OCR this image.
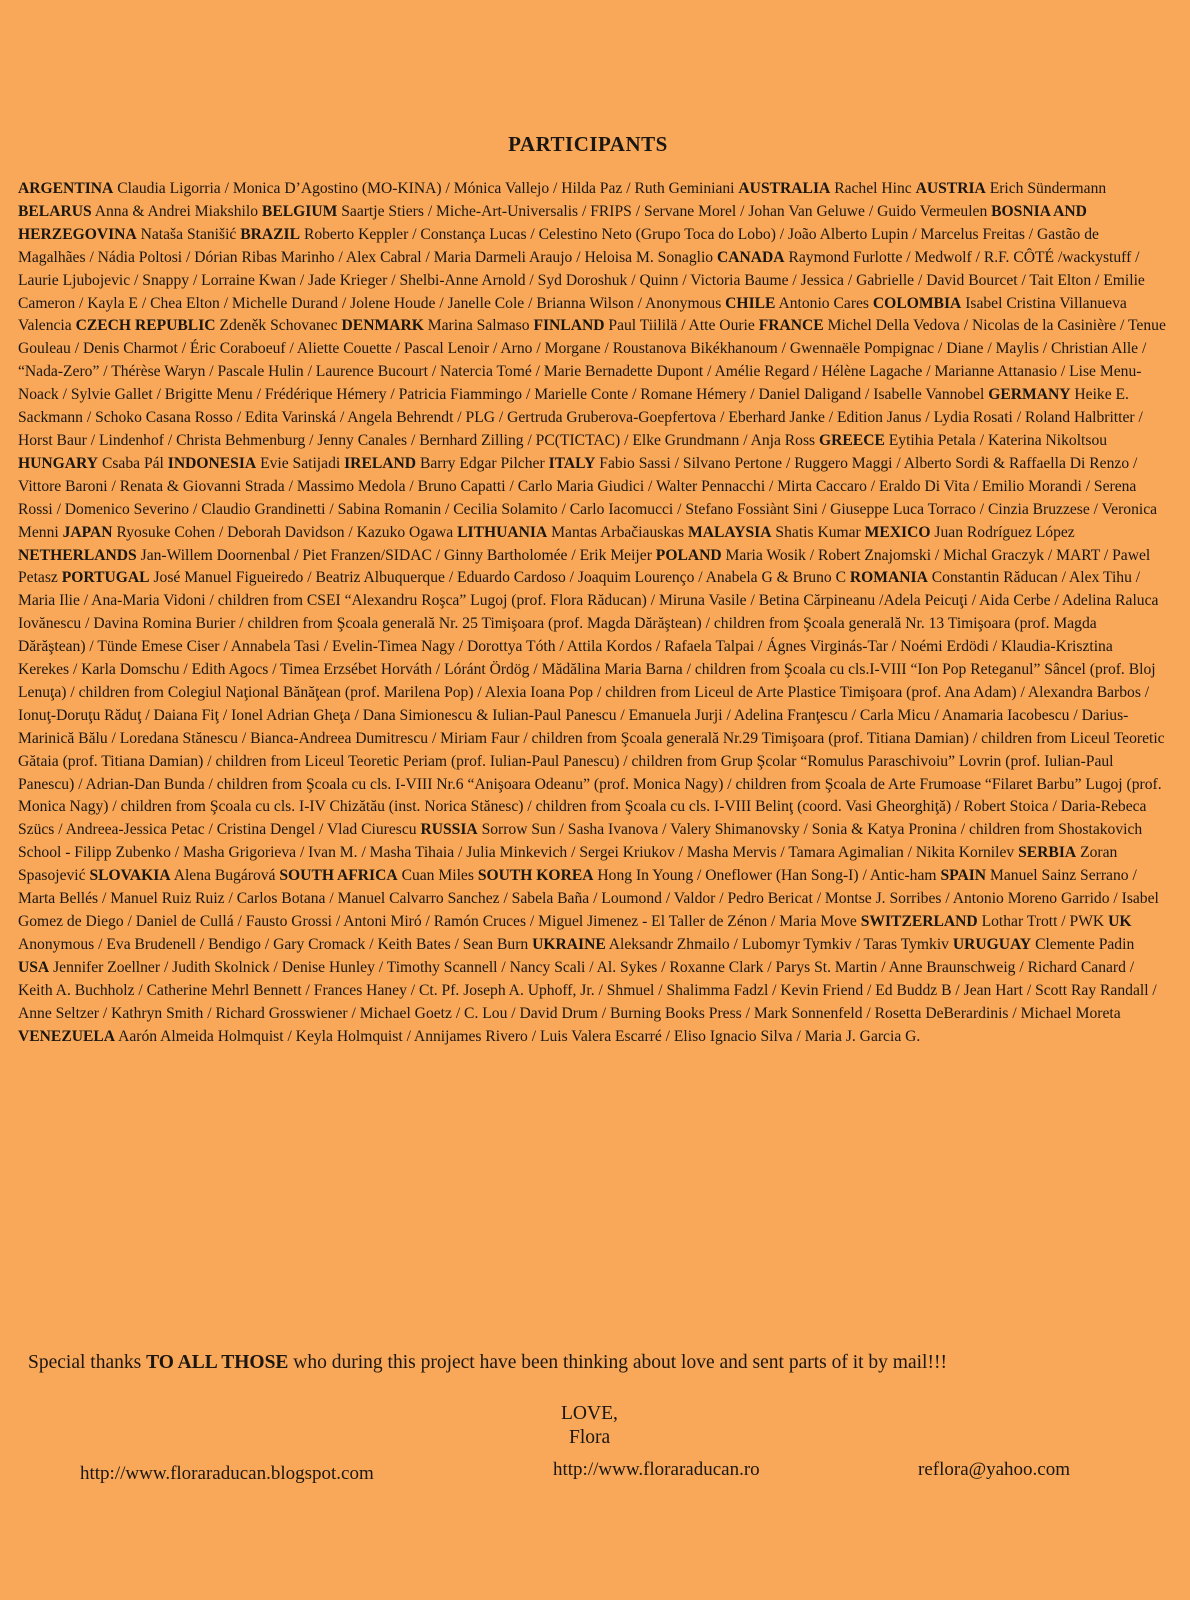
PARTICIPANTS
ARGENTINA Claudia Ligorria / Monica D’Agostino (MO-KINA) / Mónica Vallejo / Hilda Paz / Ruth Geminiani AUSTRALIA Rachel Hinc AUSTRIA Erich Sündermann BELARUS Anna & Andrei Miakshilo BELGIUM Saartje Stiers / Miche-Art-Universalis / FRIPS / Servane Morel / Johan Van Geluwe / Guido Vermeulen BOSNIA AND HERZEGOVINA Nataša Stanišić BRAZIL Roberto Keppler / Constança Lucas / Celestino Neto (Grupo Toca do Lobo) / João Alberto Lupin / Marcelus Freitas / Gastão de Magalhães / Nádia Poltosi / Dórian Ribas Marinho / Alex Cabral / Maria Darmeli Araujo / Heloisa M. Sonaglio CANADA Raymond Furlotte / Medwolf / R.F. CÔTÉ /wackystuff / Laurie Ljubojevic / Snappy / Lorraine Kwan / Jade Krieger / Shelbi-Anne Arnold / Syd Doroshuk / Quinn / Victoria Baume / Jessica / Gabrielle / David Bourcet / Tait Elton / Emilie Cameron / Kayla E / Chea Elton / Michelle Durand / Jolene Houde / Janelle Cole / Brianna Wilson / Anonymous CHILE Antonio Cares COLOMBIA Isabel Cristina Villanueva Valencia CZECH REPUBLIC Zdeněk Schovanec DENMARK Marina Salmaso FINLAND Paul Tiililä / Atte Ourie FRANCE Michel Della Vedova / Nicolas de la Casinière / Tenue Gouleau / Denis Charmot / Éric Coraboeuf / Aliette Couette / Pascal Lenoir / Arno / Morgane / Roustanova Bikékhanoum / Gwennaële Pompignac / Diane / Maylis / Christian Alle / “Nada-Zero” / Thérèse Waryn / Pascale Hulin / Laurence Bucourt / Natercia Tomé / Marie Bernadette Dupont / Amélie Regard / Hélène Lagache / Marianne Attanasio / Lise Menu-Noack / Sylvie Gallet / Brigitte Menu / Frédérique Hémery / Patricia Fiammingo / Marielle Conte / Romane Hémery / Daniel Daligand / Isabelle Vannobel GERMANY Heike E. Sackmann / Schoko Casana Rosso / Edita Varinská / Angela Behrendt / PLG / Gertruda Gruberova-Goepfertova / Eberhard Janke / Edition Janus / Lydia Rosati / Roland Halbritter / Horst Baur / Lindenhof / Christa Behmenburg / Jenny Canales / Bernhard Zilling / PC(TICTAC) / Elke Grundmann / Anja Ross GREECE Eytihia Petala / Katerina Nikoltsou HUNGARY Csaba Pál INDONESIA Evie Satijadi IRELAND Barry Edgar Pilcher ITALY Fabio Sassi / Silvano Pertone / Ruggero Maggi / Alberto Sordi & Raffaella Di Renzo / Vittore Baroni / Renata & Giovanni Strada / Massimo Medola / Bruno Capatti / Carlo Maria Giudici / Walter Pennacchi / Mirta Caccaro / Eraldo Di Vita / Emilio Morandi / Serena Rossi / Domenico Severino / Claudio Grandinetti / Sabina Romanin / Cecilia Solamito / Carlo Iacomucci / Stefano Fossiànt Sini / Giuseppe Luca Torraco / Cinzia Bruzzese / Veronica Menni JAPAN Ryosuke Cohen / Deborah Davidson / Kazuko Ogawa LITHUANIA Mantas Arbačiauskas MALAYSIA Shatis Kumar MEXICO Juan Rodríguez López NETHERLANDS Jan-Willem Doornenbal / Piet Franzen/SIDAC / Ginny Bartholomée / Erik Meijer POLAND Maria Wosik / Robert Znajomski / Michal Graczyk / MART / Pawel Petasz PORTUGAL José Manuel Figueiredo / Beatriz Albuquerque / Eduardo Cardoso / Joaquim Lourenço / Anabela G & Bruno C ROMANIA Constantin Răducan / Alex Tihu / Maria Ilie / Ana-Maria Vidoni / children from CSEI “Alexandru Roşca” Lugoj (prof. Flora Răducan) / Miruna Vasile / Betina Cărpineanu /Adela Peicuţi / Aida Cerbe / Adelina Raluca Iovănescu / Davina Romina Burier / children from Şcoala generală Nr. 25 Timişoara (prof. Magda Dărăştean) / children from Şcoala generală Nr. 13 Timişoara (prof. Magda Dărăştean) / Tünde Emese Ciser / Annabela Tasi / Evelin-Timea Nagy / Dorottya Tóth / Attila Kordos / Rafaela Talpai / Ágnes Virginás-Tar / Noémi Erdödi / Klaudia-Krisztina Kerekes / Karla Domschu / Edith Agocs / Timea Erzsébet Horváth / Lóránt Ördög / Mădălina Maria Barna / children from Şcoala cu cls.I-VIII “Ion Pop Reteganul” Sâncel (prof. Bloj Lenuţa) / children from Colegiul Naţional Bănăţean (prof. Marilena Pop) / Alexia Ioana Pop / children from Liceul de Arte Plastice Timişoara (prof. Ana Adam) / Alexandra Barbos / Ionuţ-Doruţu Răduţ / Daiana Fiţ / Ionel Adrian Gheţa / Dana Simionescu & Iulian-Paul Panescu / Emanuela Jurji / Adelina Franţescu / Carla Micu / Anamaria Iacobescu / Darius-Marinică Bălu / Loredana Stănescu / Bianca-Andreea Dumitrescu / Miriam Faur / children from Şcoala generală Nr.29 Timişoara (prof. Titiana Damian) / children from Liceul Teoretic Gătaia (prof. Titiana Damian) / children from Liceul Teoretic Periam (prof. Iulian-Paul Panescu) / children from Grup Şcolar “Romulus Paraschivoiu” Lovrin (prof. Iulian-Paul Panescu) / Adrian-Dan Bunda / children from Şcoala cu cls. I-VIII Nr.6 “Anişoara Odeanu” (prof. Monica Nagy) / children from Şcoala de Arte Frumoase “Filaret Barbu” Lugoj (prof. Monica Nagy) / children from Şcoala cu cls. I-IV Chizătău (inst. Norica Stănesc) / children from Şcoala cu cls. I-VIII Belinţ (coord. Vasi Gheorghiţă) / Robert Stoica / Daria-Rebeca Szücs / Andreea-Jessica Petac / Cristina Dengel / Vlad Ciurescu RUSSIA Sorrow Sun / Sasha Ivanova / Valery Shimanovsky / Sonia & Katya Pronina / children from Shostakovich School - Filipp Zubenko / Masha Grigorieva / Ivan M. / Masha Tihaia / Julia Minkevich / Sergei Kriukov / Masha Mervis / Tamara Agimalian / Nikita Kornilev SERBIA Zoran Spasojević SLOVAKIA Alena Bugárová SOUTH AFRICA Cuan Miles SOUTH KOREA Hong In Young / Oneflower (Han Song-I) / Antic-ham SPAIN Manuel Sainz Serrano / Marta Bellés / Manuel Ruiz Ruiz / Carlos Botana / Manuel Calvarro Sanchez / Sabela Baña / Loumond / Valdor / Pedro Bericat / Montse J. Sorribes / Antonio Moreno Garrido / Isabel Gomez de Diego / Daniel de Cullá / Fausto Grossi / Antoni Miró / Ramón Cruces / Miguel Jimenez - El Taller de Zénon / Maria Move SWITZERLAND Lothar Trott / PWK UK Anonymous / Eva Brudenell / Bendigo / Gary Cromack / Keith Bates / Sean Burn UKRAINE Aleksandr Zhmailo / Lubomyr Tymkiv / Taras Tymkiv URUGUAY Clemente Padin USA Jennifer Zoellner / Judith Skolnick / Denise Hunley / Timothy Scannell / Nancy Scali / Al. Sykes / Roxanne Clark / Parys St. Martin / Anne Braunschweig / Richard Canard / Keith A. Buchholz / Catherine Mehrl Bennett / Frances Haney / Ct. Pf. Joseph A. Uphoff, Jr. / Shmuel / Shalimma Fadzl / Kevin Friend / Ed Buddz B / Jean Hart / Scott Ray Randall / Anne Seltzer / Kathryn Smith / Richard Grosswiener / Michael Goetz / C. Lou / David Drum / Burning Books Press / Mark Sonnenfeld / Rosetta DeBerardinis / Michael Moreta VENEZUELA Aarón Almeida Holmquist / Keyla Holmquist / Annijames Rivero / Luis Valera Escarré / Eliso Ignacio Silva / Maria J. Garcia G.
Special thanks TO ALL THOSE who during this project have been thinking about love and sent parts of it by mail!!!
LOVE,
Flora
http://www.floraraducan.blogspot.com	http://www.floraraducan.ro	reflora@yahoo.com
